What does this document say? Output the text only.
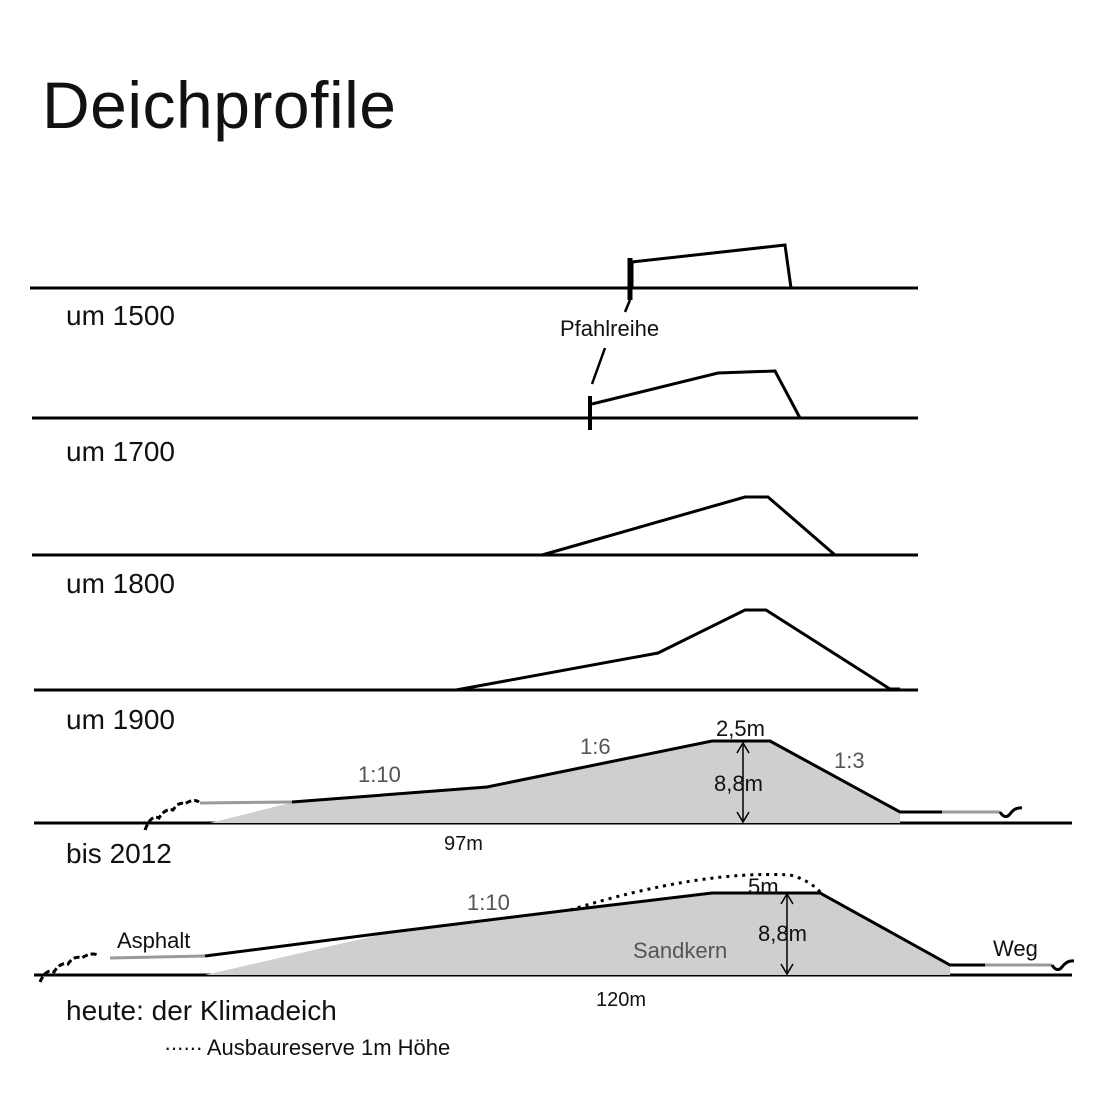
Deichprofile
um 1500
um 1700
um 1800
um 1900
bis 2012
heute: der Klimadeich
Pfahlreihe
1:10
1:6
1:3
2,5m
8,8m
97m
1:10
5m
8,8m
120m
Asphalt	Sandkern	Weg
······ Ausbaureserve 1m Höhe
